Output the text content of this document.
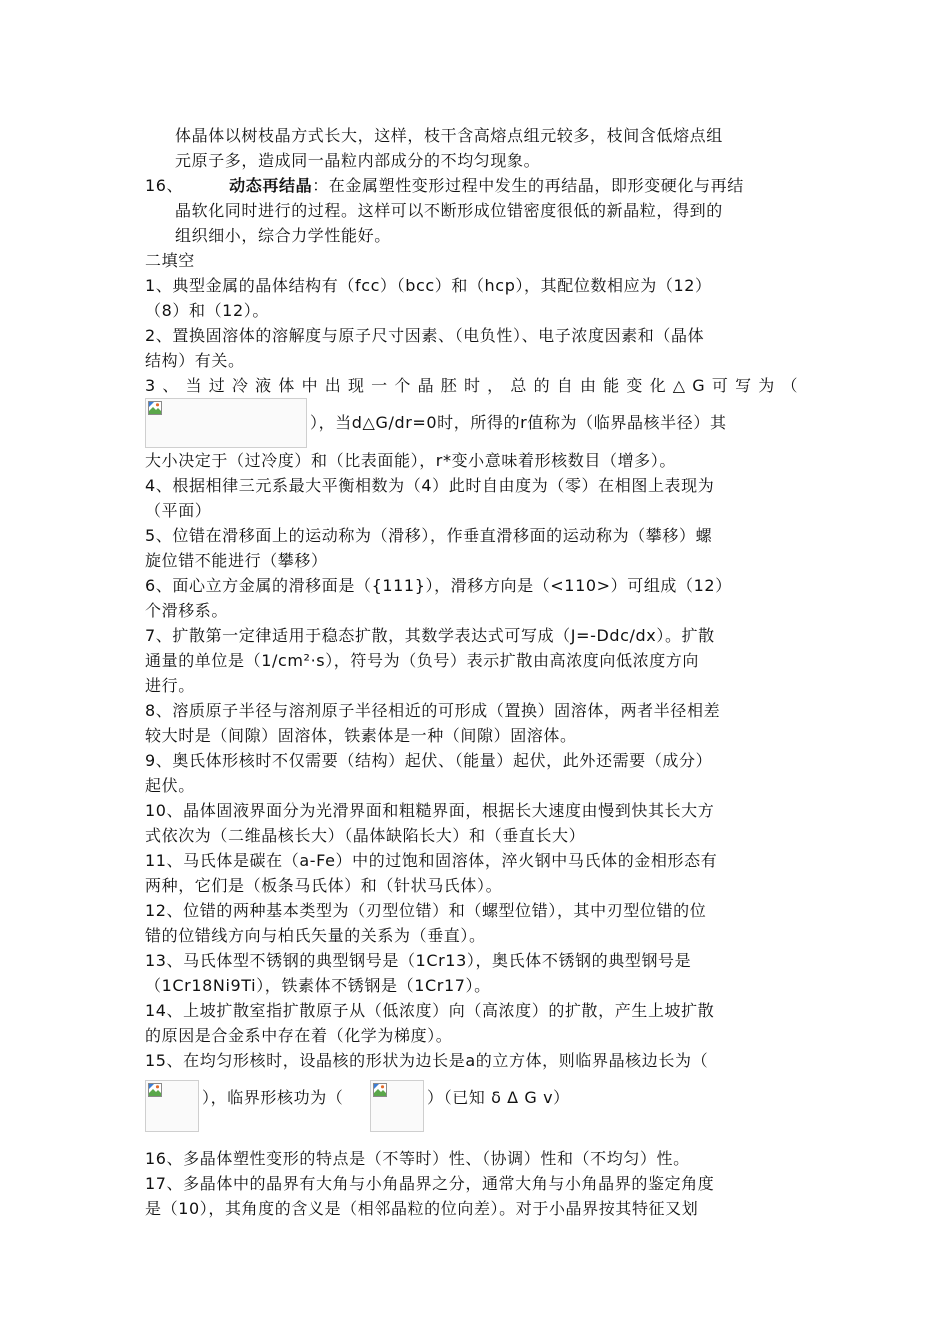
体晶体以树枝晶方式长大，这样，枝干含高熔点组元较多，枝间含低熔点组

元原子多，造成同一晶粒内部成分的不均匀现象。

16、	动态再结晶：在金属塑性变形过程中发生的再结晶，即形变硬化与再结

晶软化同时进行的过程。这样可以不断形成位错密度很低的新晶粒，得到的

组织细小，综合力学性能好。

二填空

1、典型金属的晶体结构有（fcc）（bcc）和（hcp），其配位数相应为（12）

（8）和（12）。

2、置换固溶体的溶解度与原子尺寸因素、（电负性）、电子浓度因素和（晶体

结构）有关。

3、当过冷液体中出现一个晶胚时，总的自由能变化△G可写为（

），当d△G/dr=0时，所得的r值称为（临界晶核半径）其

大小决定于（过冷度）和（比表面能），r*变小意味着形核数目（增多）。

4、根据相律三元系最大平衡相数为（4）此时自由度为（零）在相图上表现为

（平面）

5、位错在滑移面上的运动称为（滑移），作垂直滑移面的运动称为（攀移）螺

旋位错不能进行（攀移）

6、面心立方金属的滑移面是（{111}），滑移方向是（<110>）可组成（12）

个滑移系。

7、扩散第一定律适用于稳态扩散，其数学表达式可写成（J=-Ddc/dx）。扩散

通量的单位是（1/cm²·s），符号为（负号）表示扩散由高浓度向低浓度方向

进行。

8、溶质原子半径与溶剂原子半径相近的可形成（置换）固溶体，两者半径相差

较大时是（间隙）固溶体，铁素体是一种（间隙）固溶体。

9、奥氏体形核时不仅需要（结构）起伏、（能量）起伏，此外还需要（成分）

起伏。

10、晶体固液界面分为光滑界面和粗糙界面，根据长大速度由慢到快其长大方

式依次为（二维晶核长大）（晶体缺陷长大）和（垂直长大）

11、马氏体是碳在（a-Fe）中的过饱和固溶体，淬火钢中马氏体的金相形态有

两种，它们是（板条马氏体）和（针状马氏体）。

12、位错的两种基本类型为（刃型位错）和（螺型位错），其中刃型位错的位

错的位错线方向与柏氏矢量的关系为（垂直）。

13、马氏体型不锈钢的典型钢号是（1Cr13），奥氏体不锈钢的典型钢号是

（1Cr18Ni9Ti），铁素体不锈钢是（1Cr17）。

14、上坡扩散室指扩散原子从（低浓度）向（高浓度）的扩散，产生上坡扩散

的原因是合金系中存在着（化学为梯度）。

15、在均匀形核时，设晶核的形状为边长是a的立方体，则临界晶核边长为（

），临界形核功为（	）（已知 δ Δ G v）

16、多晶体塑性变形的特点是（不等时）性、（协调）性和（不均匀）性。

17、多晶体中的晶界有大角与小角晶界之分，通常大角与小角晶界的鉴定角度

是（10），其角度的含义是（相邻晶粒的位向差）。对于小晶界按其特征又划
